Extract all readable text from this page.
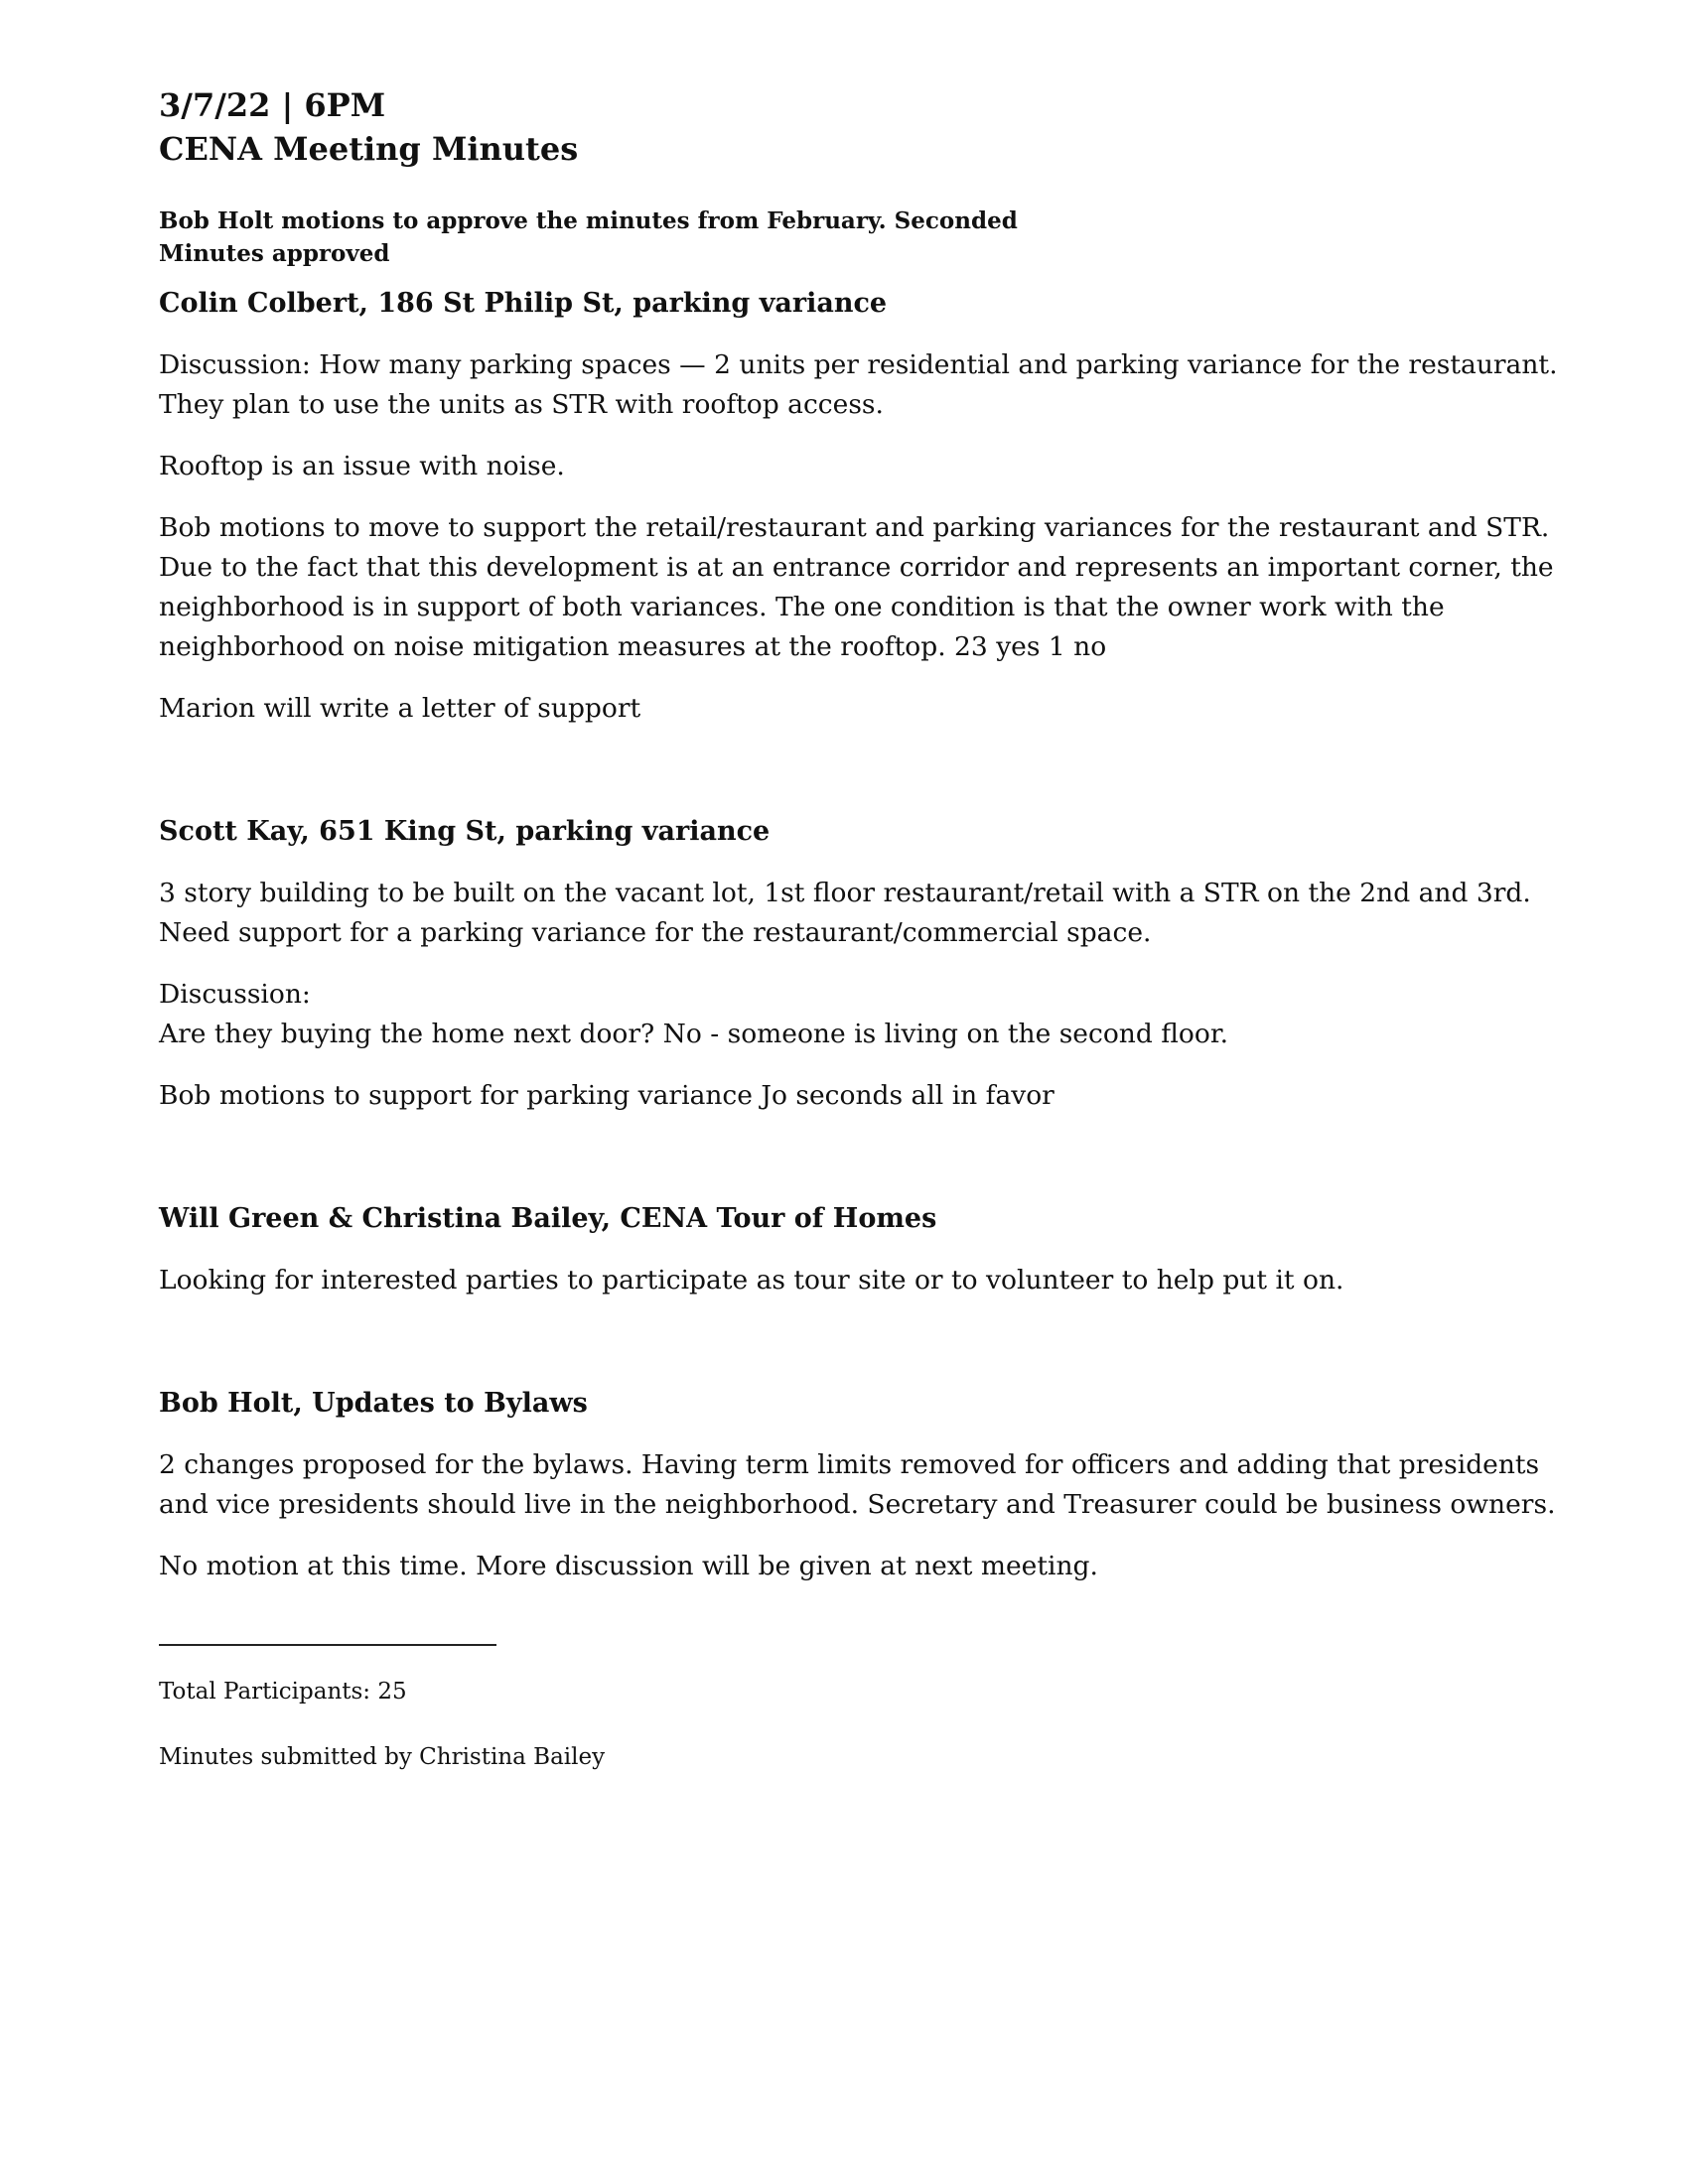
3/7/22 | 6PM
CENA Meeting Minutes
Bob Holt motions to approve the minutes from February. Seconded
Minutes approved
Colin Colbert, 186 St Philip St, parking variance
Discussion: How many parking spaces — 2 units per residential and parking variance for the restaurant.
They plan to use the units as STR with rooftop access.
Rooftop is an issue with noise.
Bob motions to move to support the retail/restaurant and parking variances for the restaurant and STR.
Due to the fact that this development is at an entrance corridor and represents an important corner, the
neighborhood is in support of both variances. The one condition is that the owner work with the
neighborhood on noise mitigation measures at the rooftop. 23 yes 1 no
Marion will write a letter of support
Scott Kay, 651 King St, parking variance
3 story building to be built on the vacant lot, 1st floor restaurant/retail with a STR on the 2nd and 3rd.
Need support for a parking variance for the restaurant/commercial space.
Discussion:
Are they buying the home next door? No - someone is living on the second floor.
Bob motions to support for parking variance Jo seconds all in favor
Will Green & Christina Bailey, CENA Tour of Homes
Looking for interested parties to participate as tour site or to volunteer to help put it on.
Bob Holt, Updates to Bylaws
2 changes proposed for the bylaws. Having term limits removed for officers and adding that presidents
and vice presidents should live in the neighborhood. Secretary and Treasurer could be business owners.
No motion at this time. More discussion will be given at next meeting.
Total Participants: 25
Minutes submitted by Christina Bailey
